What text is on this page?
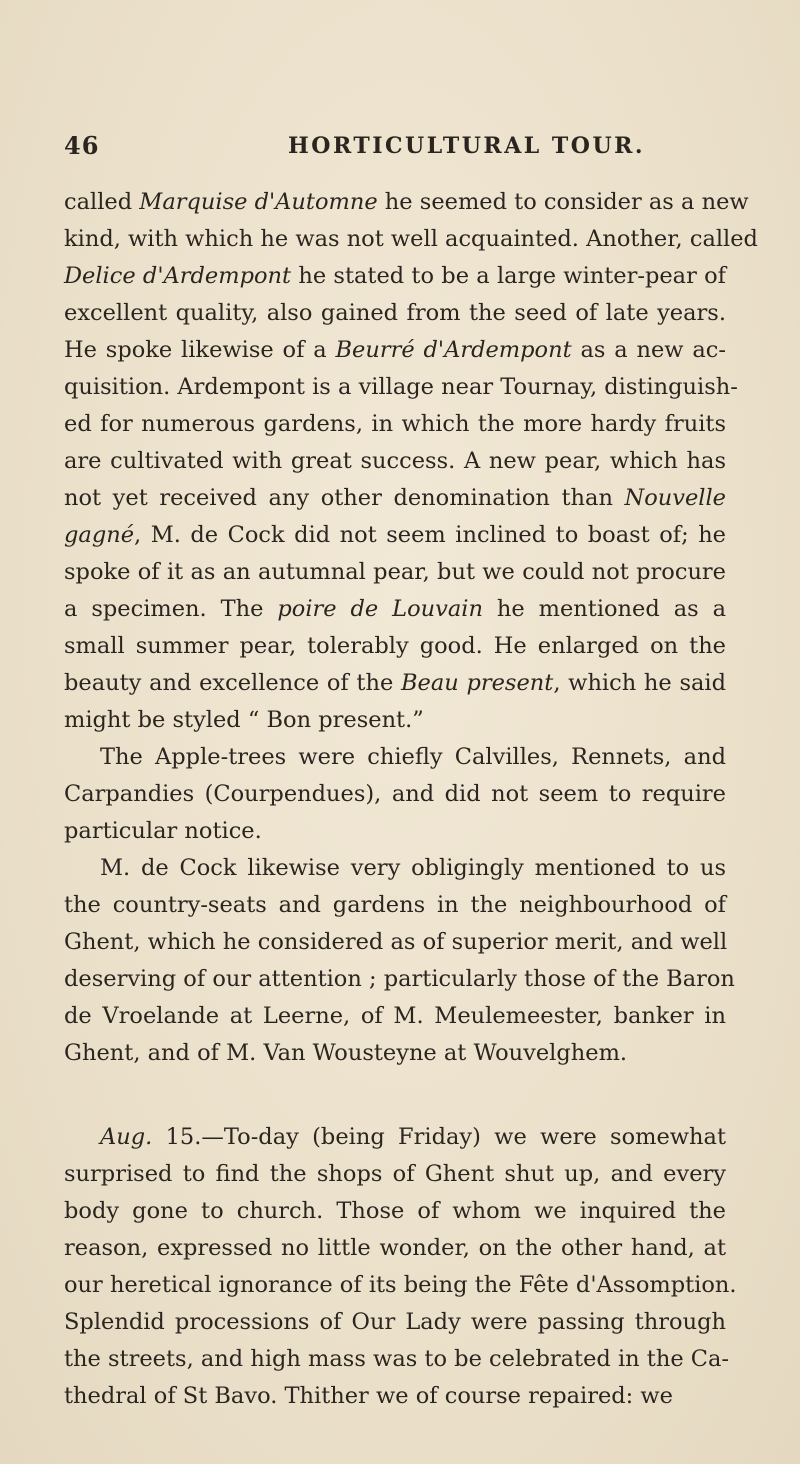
46	HORTICULTURAL TOUR.
called Marquise d'Automne he seemed to consider as a new
kind, with which he was not well acquainted. Another, called
Delice d'Ardempont he stated to be a large winter-pear of
excellent quality, also gained from the seed of late years.
He spoke likewise of a Beurré d'Ardempont as a new ac-
quisition. Ardempont is a village near Tournay, distinguish-
ed for numerous gardens, in which the more hardy fruits
are cultivated with great success. A new pear, which has
not yet received any other denomination than Nouvelle
gagné, M. de Cock did not seem inclined to boast of; he
spoke of it as an autumnal pear, but we could not procure
a specimen. The poire de Louvain he mentioned as a
small summer pear, tolerably good. He enlarged on the
beauty and excellence of the Beau present, which he said
might be styled “ Bon present.”
The Apple-trees were chiefly Calvilles, Rennets, and
Carpandies (Courpendues), and did not seem to require
particular notice.
M. de Cock likewise very obligingly mentioned to us
the country-seats and gardens in the neighbourhood of
Ghent, which he considered as of superior merit, and well
deserving of our attention ; particularly those of the Baron
de Vroelande at Leerne, of M. Meulemeester, banker in
Ghent, and of M. Van Wousteyne at Wouvelghem.
Aug. 15.—To-day (being Friday) we were somewhat
surprised to find the shops of Ghent shut up, and every
body gone to church. Those of whom we inquired the
reason, expressed no little wonder, on the other hand, at
our heretical ignorance of its being the Fête d'Assomption.
Splendid processions of Our Lady were passing through
the streets, and high mass was to be celebrated in the Ca-
thedral of St Bavo. Thither we of course repaired: we
